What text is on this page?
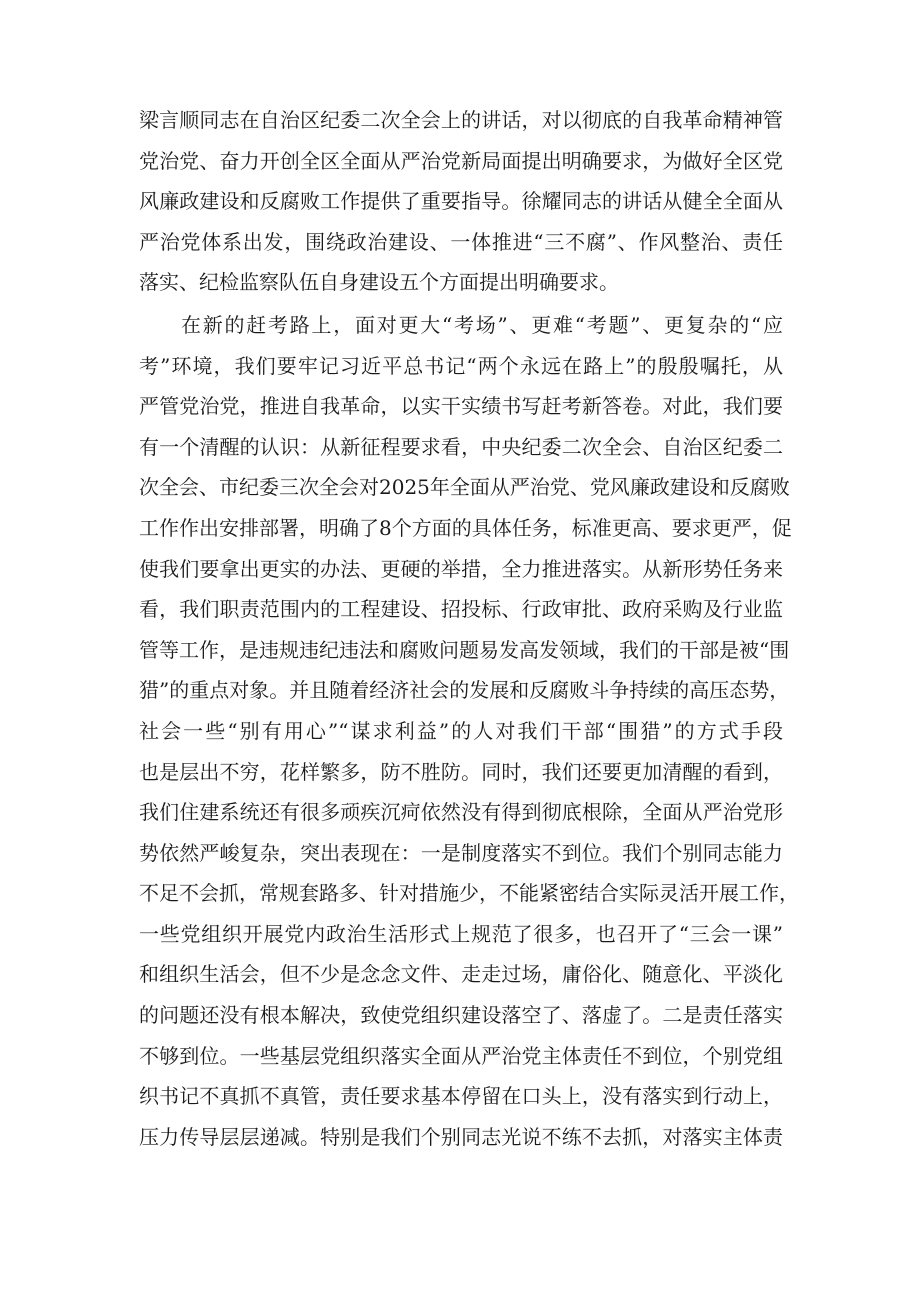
梁言顺同志在自治区纪委二次全会上的讲话，对以彻底的自我革命精神管
党治党、奋力开创全区全面从严治党新局面提出明确要求，为做好全区党
风廉政建设和反腐败工作提供了重要指导。徐耀同志的讲话从健全全面从
严治党体系出发，围绕政治建设、一体推进“三不腐”、作风整治、责任
落实、纪检监察队伍自身建设五个方面提出明确要求。
在新的赶考路上，面对更大“考场”、更难“考题”、更复杂的“应
考”环境，我们要牢记习近平总书记“两个永远在路上”的殷殷嘱托，从
严管党治党，推进自我革命，以实干实绩书写赶考新答卷。对此，我们要
有一个清醒的认识：从新征程要求看，中央纪委二次全会、自治区纪委二
次全会、市纪委三次全会对2025年全面从严治党、党风廉政建设和反腐败
工作作出安排部署，明确了8个方面的具体任务，标准更高、要求更严，促
使我们要拿出更实的办法、更硬的举措，全力推进落实。从新形势任务来
看，我们职责范围内的工程建设、招投标、行政审批、政府采购及行业监
管等工作，是违规违纪违法和腐败问题易发高发领域，我们的干部是被“围
猎”的重点对象。并且随着经济社会的发展和反腐败斗争持续的高压态势，
社会一些“别有用心”“谋求利益”的人对我们干部“围猎”的方式手段
也是层出不穷，花样繁多，防不胜防。同时，我们还要更加清醒的看到，
我们住建系统还有很多顽疾沉疴依然没有得到彻底根除，全面从严治党形
势依然严峻复杂，突出表现在：一是制度落实不到位。我们个别同志能力
不足不会抓，常规套路多、针对措施少，不能紧密结合实际灵活开展工作，
一些党组织开展党内政治生活形式上规范了很多，也召开了“三会一课”
和组织生活会，但不少是念念文件、走走过场，庸俗化、随意化、平淡化
的问题还没有根本解决，致使党组织建设落空了、落虚了。二是责任落实
不够到位。一些基层党组织落实全面从严治党主体责任不到位，个别党组
织书记不真抓不真管，责任要求基本停留在口头上，没有落实到行动上，
压力传导层层递减。特别是我们个别同志光说不练不去抓，对落实主体责
